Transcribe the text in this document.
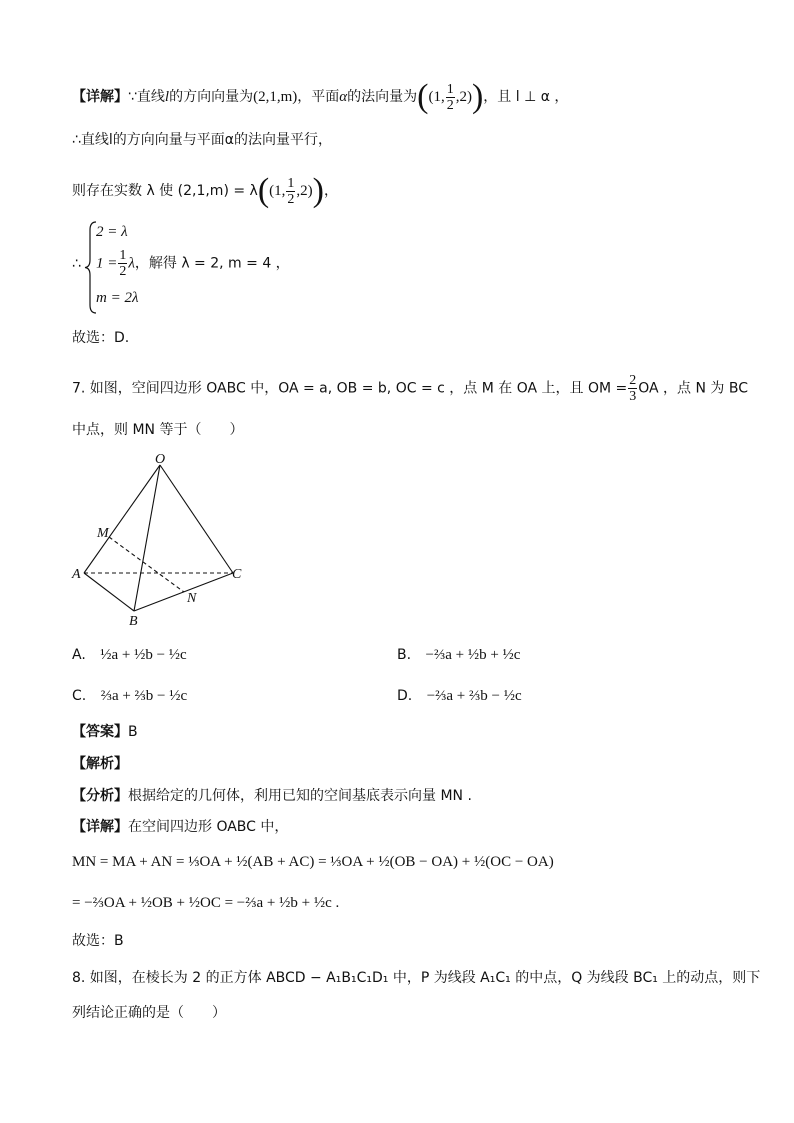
【详解】∵直线l的方向向量为(2,1,m)，平面α的法向量为((1, $\frac{1}{2} ,2$))，且 l ⊥ α ，
∴直线l的方向向量与平面α的法向量平行，
则存在实数 λ 使 (2,1,m) = λ((1, $\frac{1}{2} ,2$))，
∴
2 = λ
$1 = \frac{1}{2}$ λ，解得 λ = 2, m = 4 ，
m = 2λ
故选：D.
7. 如图，空间四边形 OABC 中，OA = a, OB = b, OC = c ，点 M 在 OA 上，且 OM = $\frac{2}{3}$ OA ，点 N 为 BC
中点，则 MN 等于（　　）
O
M
A	C
N
B
A. ½a + ½b − ½c	B. −⅔a + ½b + ½c
C. ⅔a + ⅔b − ½c	D. −⅔a + ⅔b − ½c
【答案】B
【解析】
【分析】根据给定的几何体，利用已知的空间基底表示向量 MN .
【详解】在空间四边形 OABC 中，
MN = MA + AN = ⅓OA + ½(AB + AC) = ⅓OA + ½(OB − OA) + ½(OC − OA)
= −⅔OA + ½OB + ½OC = −⅔a + ½b + ½c .
故选：B
8. 如图，在棱长为 2 的正方体 ABCD − A₁B₁C₁D₁ 中，P 为线段 A₁C₁ 的中点，Q 为线段 BC₁ 上的动点，则下
列结论正确的是（　　）
